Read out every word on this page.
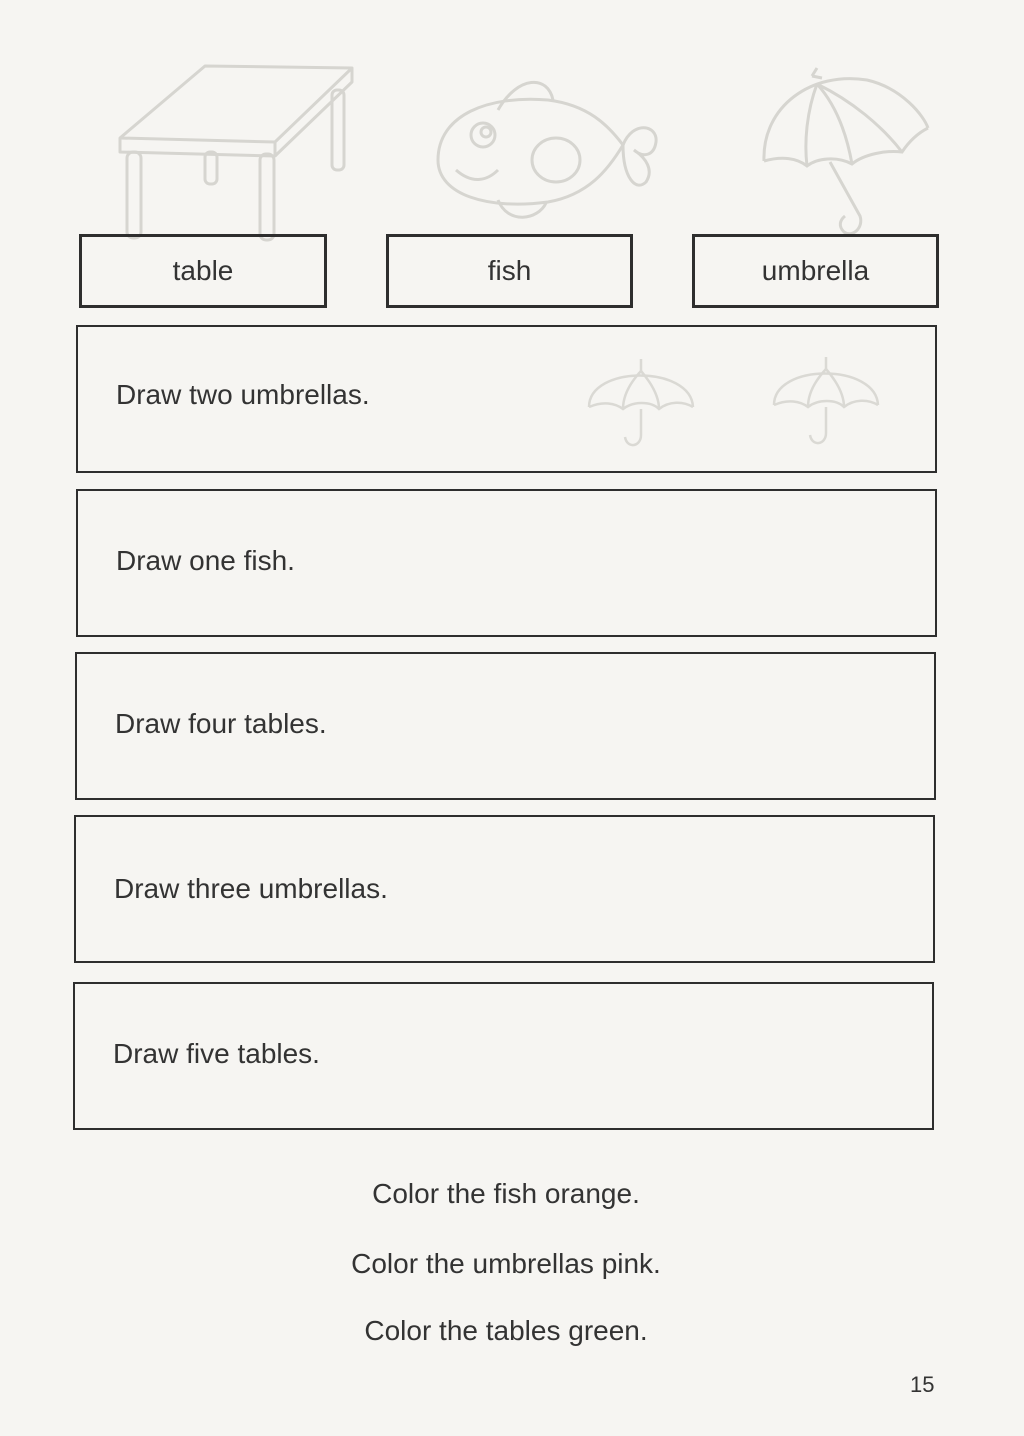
table	fish	umbrella
Draw two umbrellas.
Draw one fish.
Draw four tables.
Draw three umbrellas.
Draw five tables.
Color the fish orange.
Color the umbrellas pink.
Color the tables green.
15
